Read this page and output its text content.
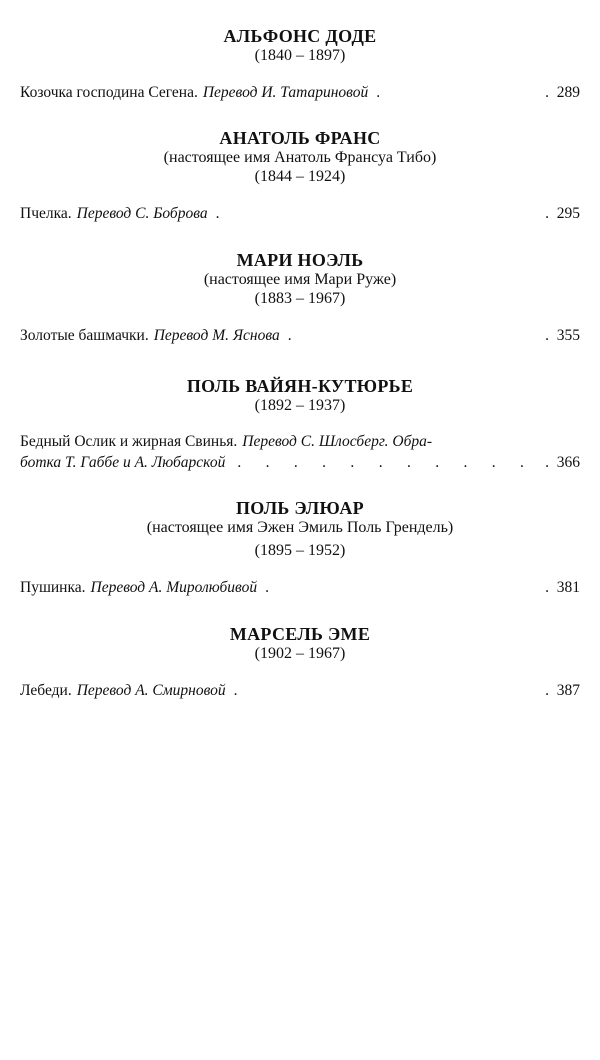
АЛЬФОНС ДОДЕ
(1840 – 1897)
Козочка господина Сегена. Перевод И. Татариновой .	. 289
АНАТОЛЬ ФРАНС
(настоящее имя Анатоль Франсуа Тибо)
(1844 – 1924)
Пчелка. Перевод С. Боброва .	. 295
МАРИ НОЭЛЬ
(настоящее имя Мари Руже)
(1883 – 1967)
Золотые башмачки. Перевод М. Яснова .	. 355
ПОЛЬ ВАЙЯН-КУТЮРЬЕ
(1892 – 1937)
Бедный Ослик и жирная Свинья. Перевод С. Шлосберг. Обра-
ботка Т. Габбе и А. Любарской . . . . . . . . . . .	. 366
ПОЛЬ ЭЛЮАР
(настоящее имя Эжен Эмиль Поль Грендель)
(1895 – 1952)
Пушинка. Перевод А. Миролюбивой .	. 381
МАРСЕЛЬ ЭМЕ
(1902 – 1967)
Лебеди. Перевод А. Смирновой .	. 387
